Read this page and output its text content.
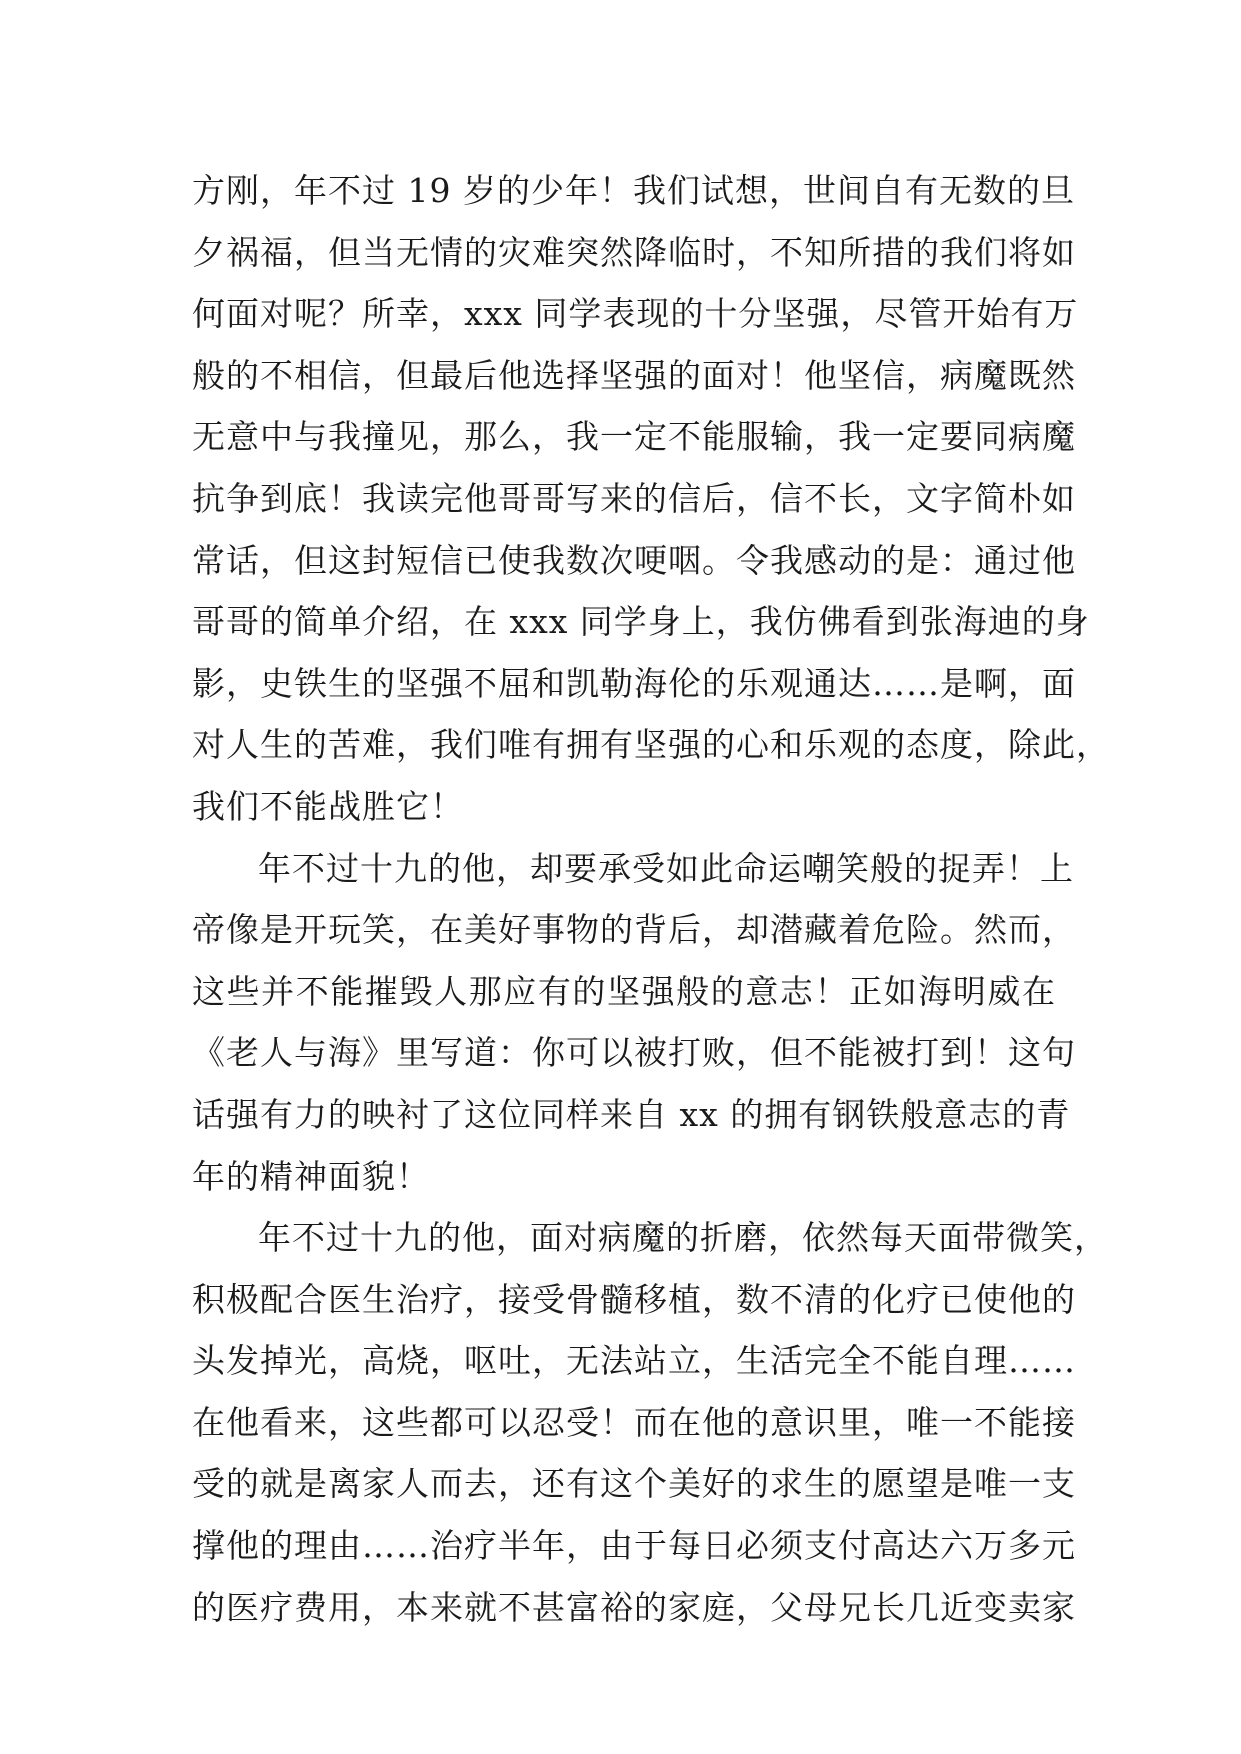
方刚，年不过 19 岁的少年！我们试想，世间自有无数的旦
夕祸福，但当无情的灾难突然降临时，不知所措的我们将如
何面对呢？所幸，xxx 同学表现的十分坚强，尽管开始有万
般的不相信，但最后他选择坚强的面对！他坚信，病魔既然
无意中与我撞见，那么，我一定不能服输，我一定要同病魔
抗争到底！我读完他哥哥写来的信后，信不长，文字简朴如
常话，但这封短信已使我数次哽咽。令我感动的是：通过他
哥哥的简单介绍，在 xxx 同学身上，我仿佛看到张海迪的身
影，史铁生的坚强不屈和凯勒海伦的乐观通达……是啊，面
对人生的苦难，我们唯有拥有坚强的心和乐观的态度，除此，
我们不能战胜它！
年不过十九的他，却要承受如此命运嘲笑般的捉弄！上
帝像是开玩笑，在美好事物的背后，却潜藏着危险。然而，
这些并不能摧毁人那应有的坚强般的意志！正如海明威在
《老人与海》里写道：你可以被打败，但不能被打到！这句
话强有力的映衬了这位同样来自 xx 的拥有钢铁般意志的青
年的精神面貌！
年不过十九的他，面对病魔的折磨，依然每天面带微笑，
积极配合医生治疗，接受骨髓移植，数不清的化疗已使他的
头发掉光，高烧，呕吐，无法站立，生活完全不能自理……
在他看来，这些都可以忍受！而在他的意识里，唯一不能接
受的就是离家人而去，还有这个美好的求生的愿望是唯一支
撑他的理由……治疗半年，由于每日必须支付高达六万多元
的医疗费用，本来就不甚富裕的家庭，父母兄长几近变卖家
